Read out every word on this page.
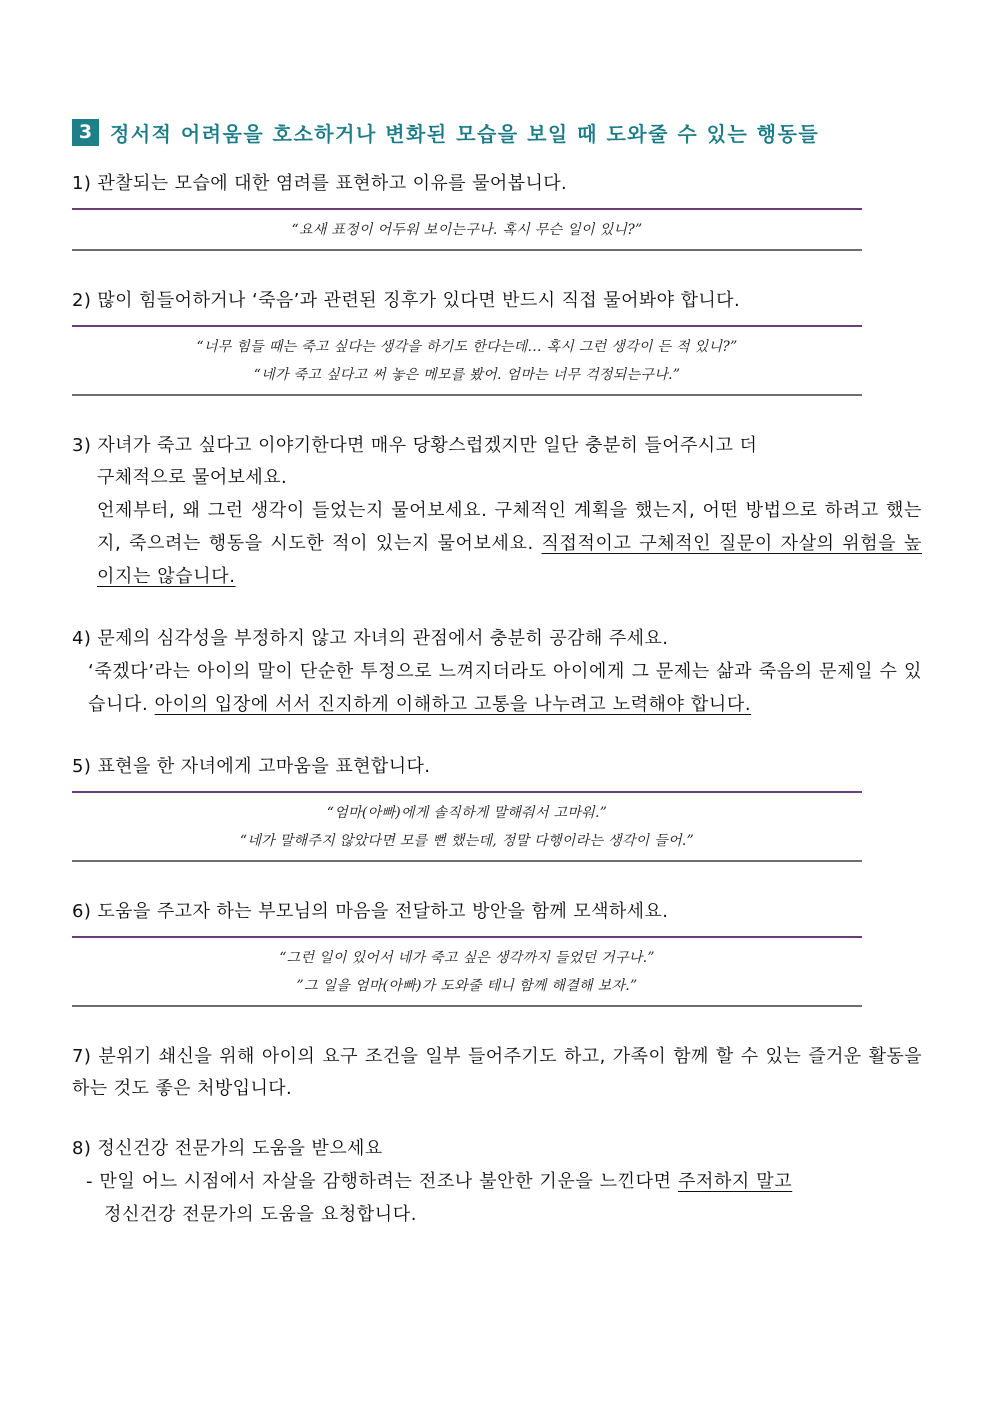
3 정서적 어려움을 호소하거나 변화된 모습을 보일 때 도와줄 수 있는 행동들
1) 관찰되는 모습에 대한 염려를 표현하고 이유를 물어봅니다.
“요새 표정이 어두워 보이는구나. 혹시 무슨 일이 있니?”
2) 많이 힘들어하거나 ‘죽음’과 관련된 징후가 있다면 반드시 직접 물어봐야 합니다.
“너무 힘들 때는 죽고 싶다는 생각을 하기도 한다는데... 혹시 그런 생각이 든 적 있니?”
“네가 죽고 싶다고 써 놓은 메모를 봤어. 엄마는 너무 걱정되는구나.”
3) 자녀가 죽고 싶다고 이야기한다면 매우 당황스럽겠지만 일단 충분히 들어주시고 더
구체적으로 물어보세요.
언제부터, 왜 그런 생각이 들었는지 물어보세요. 구체적인 계획을 했는지, 어떤 방법으로 하려고 했는지, 죽으려는 행동을 시도한 적이 있는지 물어보세요. 직접적이고 구체적인 질문이 자살의 위험을 높이지는 않습니다.
4) 문제의 심각성을 부정하지 않고 자녀의 관점에서 충분히 공감해 주세요.
‘죽겠다’라는 아이의 말이 단순한 투정으로 느껴지더라도 아이에게 그 문제는 삶과 죽음의 문제일 수 있습니다. 아이의 입장에 서서 진지하게 이해하고 고통을 나누려고 노력해야 합니다.
5) 표현을 한 자녀에게 고마움을 표현합니다.
“엄마(아빠)에게 솔직하게 말해줘서 고마워.”
“네가 말해주지 않았다면 모를 뻔 했는데, 정말 다행이라는 생각이 들어.”
6) 도움을 주고자 하는 부모님의 마음을 전달하고 방안을 함께 모색하세요.
“그런 일이 있어서 네가 죽고 싶은 생각까지 들었던 거구나.”
”그 일을 엄마(아빠)가 도와줄 테니 함께 해결해 보자.”
7) 분위기 쇄신을 위해 아이의 요구 조건을 일부 들어주기도 하고, 가족이 함께 할 수 있는 즐거운 활동을 하는 것도 좋은 처방입니다.
8) 정신건강 전문가의 도움을 받으세요
- 만일 어느 시점에서 자살을 감행하려는 전조나 불안한 기운을 느낀다면 주저하지 말고
정신건강 전문가의 도움을 요청합니다.
